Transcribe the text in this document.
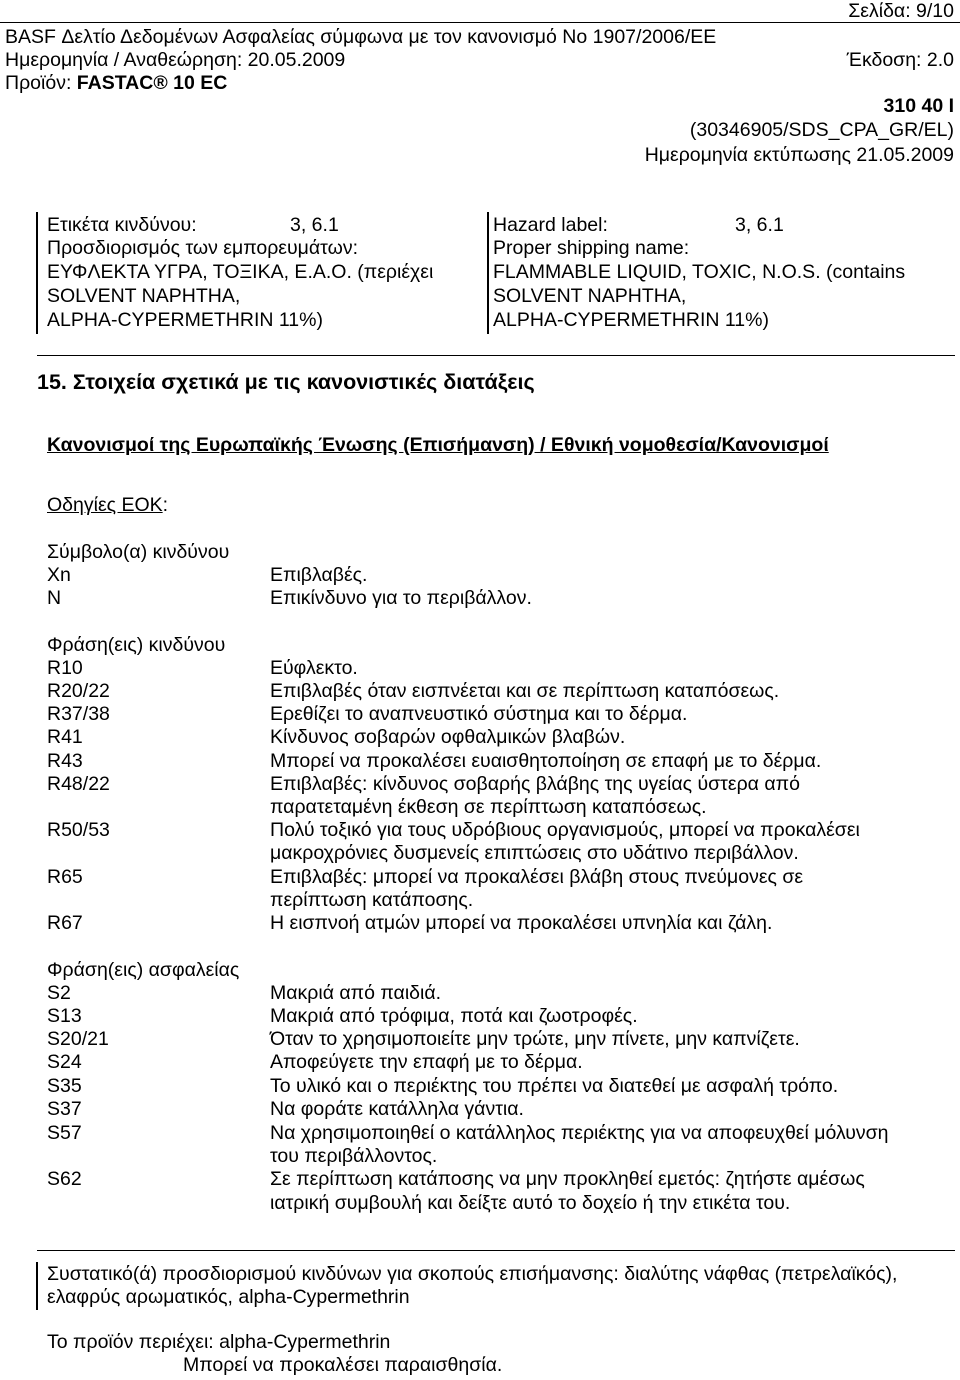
Σελίδα: 9/10
BASF Δελτίο Δεδομένων Ασφαλείας σύμφωνα με τον κανονισμό Νο 1907/2006/ΕΕ
Ημερομηνία / Αναθεώρηση: 20.05.2009	Έκδοση: 2.0
Προϊόν: FASTAC® 10 EC
310 40 I
(30346905/SDS_CPA_GR/EL)
Ημερομηνία εκτύπωσης 21.05.2009
Ετικέτα κινδύνου:	3, 6.1
Προσδιορισμός των εμπορευμάτων:
ΕΥΦΛΕΚΤΑ ΥΓΡΑ, ΤΟΞΙΚΑ, Ε.Α.Ο. (περιέχει
SOLVENT NAPHTHA,
ALPHA-CYPERMETHRIN 11%)
Hazard label:	3, 6.1
Proper shipping name:
FLAMMABLE LIQUID, TOXIC, N.O.S. (contains
SOLVENT NAPHTHA,
ALPHA-CYPERMETHRIN 11%)
15. Στοιχεία σχετικά με τις κανονιστικές διατάξεις
Κανονισμοί της Ευρωπαϊκής Ένωσης (Επισήμανση) / Εθνική νομοθεσία/Κανονισμοί
Οδηγίες ΕΟΚ:
Σύμβολο(α) κινδύνου
Xn	Επιβλαβές.
N	Επικίνδυνο για το περιβάλλον.
Φράση(εις) κινδύνου
R10	Εύφλεκτο.
R20/22	Επιβλαβές όταν εισπνέεται και σε περίπτωση καταπόσεως.
R37/38	Ερεθίζει το αναπνευστικό σύστημα και το δέρμα.
R41	Κίνδυνος σοβαρών οφθαλμικών βλαβών.
R43	Μπορεί να προκαλέσει ευαισθητοποίηση σε επαφή με το δέρμα.
R48/22	Επιβλαβές: κίνδυνος σοβαρής βλάβης της υγείας ύστερα από
παρατεταμένη έκθεση σε περίπτωση καταπόσεως.
R50/53	Πολύ τοξικό για τους υδρόβιους οργανισμούς, μπορεί να προκαλέσει
μακροχρόνιες δυσμενείς επιπτώσεις στο υδάτινο περιβάλλον.
R65	Επιβλαβές: μπορεί να προκαλέσει βλάβη στους πνεύμονες σε
περίπτωση κατάποσης.
R67	Η εισπνοή ατμών μπορεί να προκαλέσει υπνηλία και ζάλη.
Φράση(εις) ασφαλείας
S2	Μακριά από παιδιά.
S13	Μακριά από τρόφιμα, ποτά και ζωοτροφές.
S20/21	Όταν το χρησιμοποιείτε μην τρώτε, μην πίνετε, μην καπνίζετε.
S24	Αποφεύγετε την επαφή με το δέρμα.
S35	Το υλικό και ο περιέκτης του πρέπει να διατεθεί με ασφαλή τρόπο.
S37	Να φοράτε κατάλληλα γάντια.
S57	Να χρησιμοποιηθεί ο κατάλληλος περιέκτης για να αποφευχθεί μόλυνση
του περιβάλλοντος.
S62	Σε περίπτωση κατάποσης να μην προκληθεί εμετός: ζητήστε αμέσως
ιατρική συμβουλή και δείξτε αυτό το δοχείο ή την ετικέτα του.
Συστατικό(ά) προσδιορισμού κινδύνων για σκοπούς επισήμανσης: διαλύτης νάφθας (πετρελαϊκός),
ελαφρύς αρωματικός, alpha-Cypermethrin
Το προϊόν περιέχει: alpha-Cypermethrin
Μπορεί να προκαλέσει παραισθησία.
